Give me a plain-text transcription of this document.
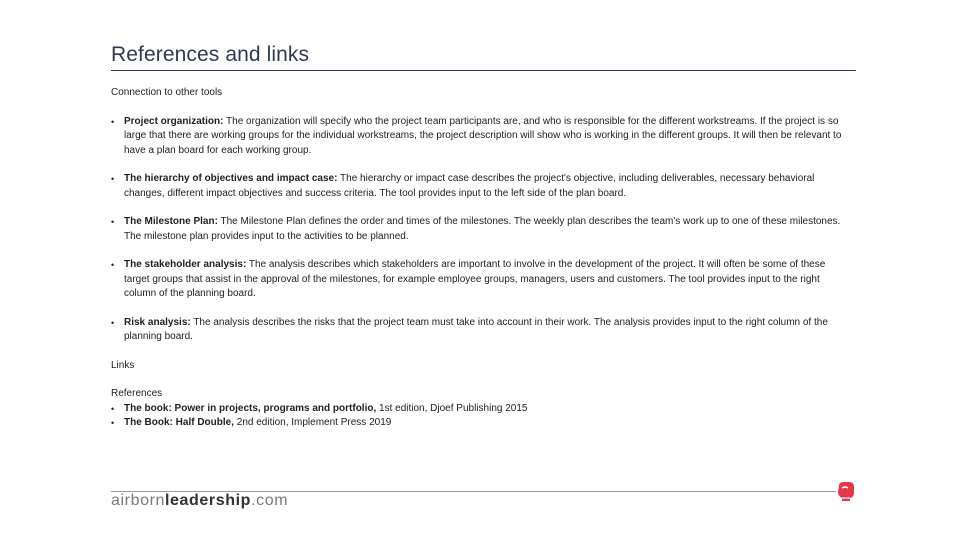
References and links

Connection to other tools

• Project organization: The organization will specify who the project team participants are, and who is responsible for the different workstreams. If the project is so large that there are working groups for the individual workstreams, the project description will show who is working in the different groups. It will then be relevant to have a plan board for each working group.

• The hierarchy of objectives and impact case: The hierarchy or impact case describes the project's objective, including deliverables, necessary behavioral changes, different impact objectives and success criteria. The tool provides input to the left side of the plan board.

• The Milestone Plan: The Milestone Plan defines the order and times of the milestones. The weekly plan describes the team's work up to one of these milestones. The milestone plan provides input to the activities to be planned.

• The stakeholder analysis: The analysis describes which stakeholders are important to involve in the development of the project. It will often be some of these target groups that assist in the approval of the milestones, for example employee groups, managers, users and customers. The tool provides input to the right column of the planning board.

• Risk analysis: The analysis describes the risks that the project team must take into account in their work. The analysis provides input to the right column of the planning board.

Links

References

• The book: Power in projects, programs and portfolio, 1st edition, Djoef Publishing 2015

• The Book: Half Double, 2nd edition, Implement Press 2019

airbornleadership.com
